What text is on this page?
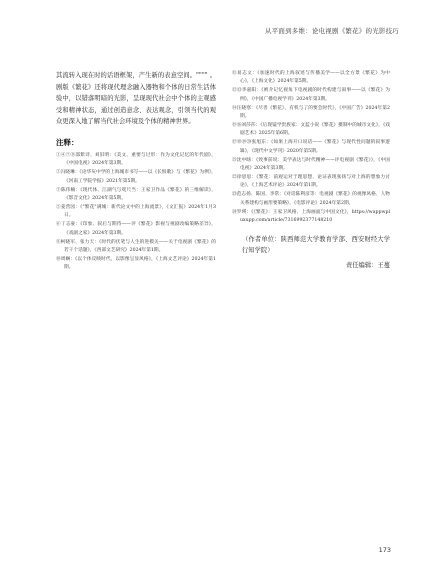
从平面到多维：论电视剧《繁花》的光影技巧

其流转入现在时的话语框架，产生新的表意空间。"""" 。剧版《繁花》还将现代理念融入器物和个体的日常生活体验中，以错落明暗的光影，呈现现代社会中个体的主观感受和精神状态，通过创造意念、表达观念，引领当代的观众更深入地了解当代社会环境及个体的精神世界。

注释：

①④⑦⑨邵紫诗、刘旧明：《美文、重要与过形：作为文化记忆的年代剧》，《中国电视》2024年第3期。

②冯晓琳：《论华灰中学的上海城市书写——以《长恨歌》与《繁花》为例》，《河南工学院学报》2021年第5期。

③陈伟楠：《现代体、江湖气与咫尺当：王家卫作品《繁花》的三维解读》，《影音文化》2024年第5期。

⑤姜营园：《"繁花"满城：新代论文中的上海流景》，《文汇报》2024年1月3日。

⑥丁志豪：《印象、叙后与期待——评《繁花》影视与视剧改编策略差异》，《戏剧之家》2024年第3期。

⑧柯晓军、张力天：《时代的伏笔与人生的进模关——关于电视剧《繁花》的若干个话题》，《西部文艺研究》2024年第1期。

⑩周娴：《以个体反映时代，以影像呈显风格》，《上海文艺评论》2024年第1期。

⑪易志文：《加速时代的上海叙述与传播美学——以全方景《繁花》为中心》，《上海文化》2024年第5期。

⑫⑬李嘉阳：《被介记忆视角下电视剧的时代构建与叙事——以《繁花》为例》，《中国广播电视学刊》2024年第3期。

⑭汪晓寒：《尽善《繁花》，有机与了的要会时代》，《中国广告》2024年第2期。

⑮⑯刘莎莎：《后现镜学贵族家：文蓝小说《繁花》摄制中的城市文化》，《戏剧艺术》2025年第6期。

⑰⑱⑲⑳张旭东：《如果上海开口说话——《繁花》与现代性问题的叙事逻辑》，《现代中文学刊》2020年第5期。

㉑沈中旸：《致事前说：美学表达与时代精神——评电视剧《繁花》》，《中国电视》2024年第3期。

㉒徐思思：《繁花：前观运对于理思想、论证表现张扬与对上海的想象力讨论》，《上海艺术评论》2024年第1期。

㉓范志扬、陈国、李常：《对话陈利彦等：电视剧《繁花》的视像风格、人物关系建构与画形要策略》，《电影评论》2024年第2期。

㉔罗瑛：《《繁花》：王家卫风格、上海画面与中国文化》，https://wappwpluxupp.com/article/7316992377148210

（作者单位：陕西师范大学教育学部、西安财经大学行知学院）
责任编辑：王蔓
173
